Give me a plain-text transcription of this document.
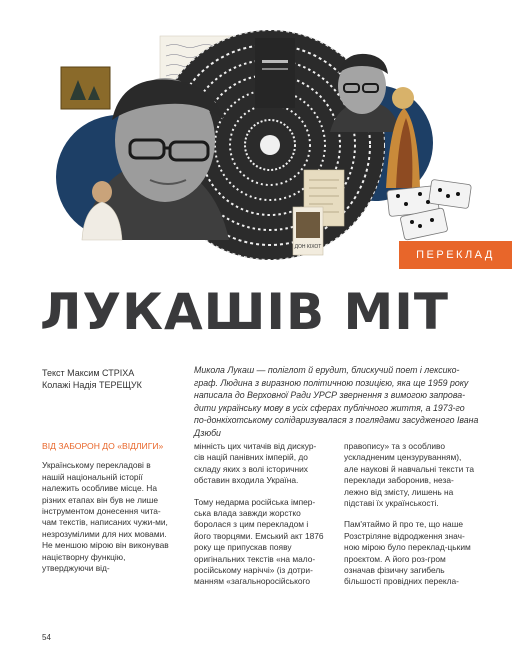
ДОН КІХОТ
ПЕРЕКЛАД
ЛУКАШІВ МІТ
Текст Максим СТРІХА
Колажі Надія ТЕРЕЩУК
Микола Лукаш — поліглот й ерудит, блискучий поет і лексико-граф. Людина з виразною політичною позицією, яка ще 1959 року написала до Верховної Ради УРСР звернення з вимогою запрова-дити українську мову в усіх сферах публічного життя, а 1973-го по-донкіхотському солідаризувалася з поглядами засудженого Івана Дзюби
ВІД ЗАБОРОН ДО «ВІДЛИГИ»

Українському перекладові в нашій національній історії належить особливе місце. На різних етапах він був не лише інструментом донесення чита-чам текстів, написаних чужи-ми, незрозумілими для них мовами. Не меншою мірою він виконував націєтворну функцію, утверджуючи від-

мінність цих читачів від дискур-сів націй панівних імперій, до складу яких з волі історичних обставин входила Україна.

Тому недарма російська імпер-ська влада завжди жорстко боролася з цим перекладом і його творцями. Емський акт 1876 року ще припускав появу оригінальних текстів «на мало-російському наріччі» (із дотри-манням «загальноросійського

правопису» та з особливо ускладненим цензуруванням), але наукові й навчальні тексти та переклади заборонив, неза-лежно від змісту, лишень на підставі їх українськості.

Пам'ятаймо й про те, що наше Розстріляне відродження знач-ною мірою було переклад-цьким проєктом. А його роз-гром означав фізичну загибель більшості провідних перекла-

54
